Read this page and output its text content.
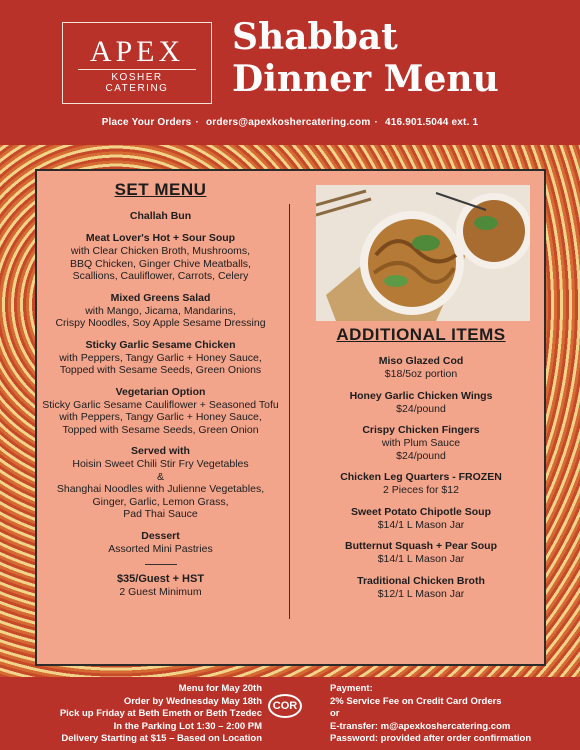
APEX
KOSHER CATERING
Shabbat
Dinner Menu
Place Your Orders · orders@apexkoshercatering.com · 416.901.5044 ext. 1
SET MENU
Challah Bun
Meat Lover's Hot + Sour Soup
with Clear Chicken Broth, Mushrooms,
BBQ Chicken, Ginger Chive Meatballs,
Scallions, Cauliflower, Carrots, Celery
Mixed Greens Salad
with Mango, Jicama, Mandarins,
Crispy Noodles, Soy Apple Sesame Dressing
Sticky Garlic Sesame Chicken
with Peppers, Tangy Garlic + Honey Sauce,
Topped with Sesame Seeds, Green Onions
Vegetarian Option
Sticky Garlic Sesame Cauliflower + Seasoned Tofu
with Peppers, Tangy Garlic + Honey Sauce,
Topped with Sesame Seeds, Green Onion
Served with
Hoisin Sweet Chili Stir Fry Vegetables
&
Shanghai Noodles with Julienne Vegetables,
Ginger, Garlic, Lemon Grass,
Pad Thai Sauce
Dessert
Assorted Mini Pastries
$35/Guest + HST
2 Guest Minimum
ADDITIONAL ITEMS
Miso Glazed Cod
$18/5oz portion
Honey Garlic Chicken Wings
$24/pound
Crispy Chicken Fingers
with Plum Sauce
$24/pound
Chicken Leg Quarters - FROZEN
2 Pieces for $12
Sweet Potato Chipotle Soup
$14/1 L Mason Jar
Butternut Squash + Pear Soup
$14/1 L Mason Jar
Traditional Chicken Broth
$12/1 L Mason Jar
Menu for May 20th
Order by Wednesday May 18th
Pick up Friday at Beth Emeth or Beth Tzedec
In the Parking Lot 1:30 – 2:00 PM
Delivery Starting at $15 – Based on Location
COR
Payment:
2% Service Fee on Credit Card Orders
or
E-transfer: m@apexkoshercatering.com
Password: provided after order confirmation
